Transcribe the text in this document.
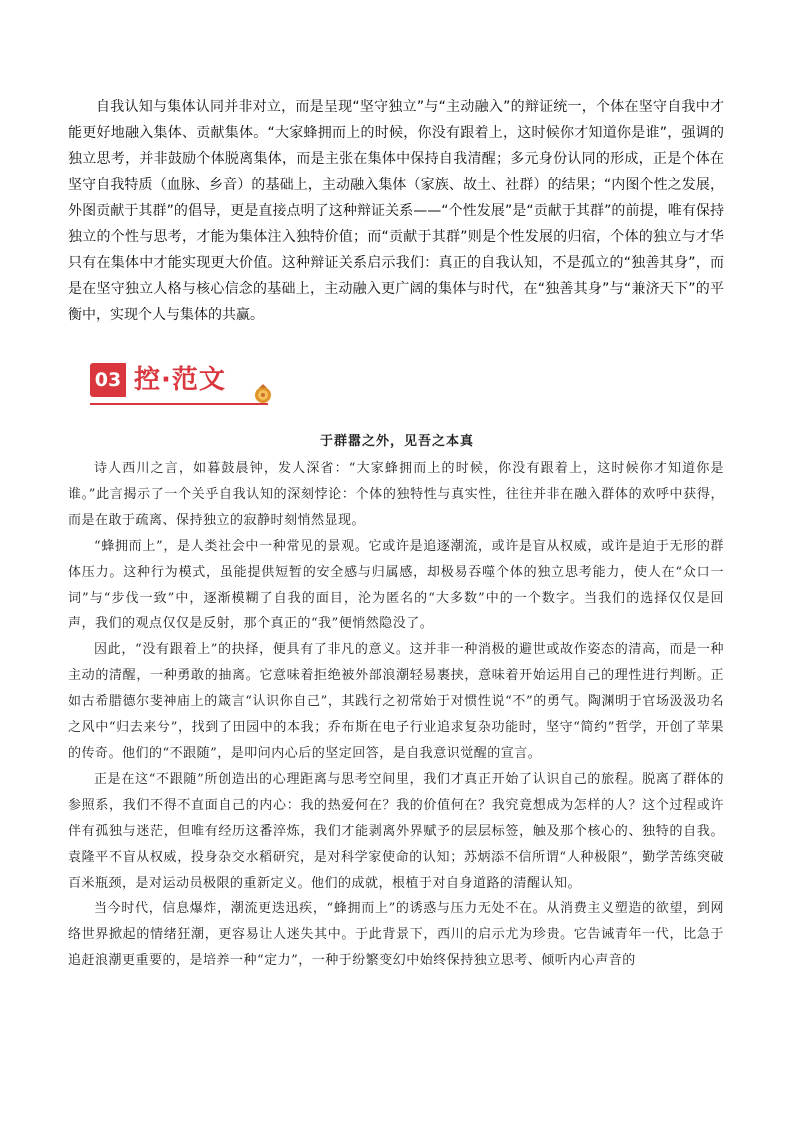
自我认知与集体认同并非对立，而是呈现“坚守独立”与“主动融入”的辩证统一，个体在坚守自我中才能更好地融入集体、贡献集体。“大家蜂拥而上的时候，你没有跟着上，这时候你才知道你是谁”，强调的独立思考，并非鼓励个体脱离集体，而是主张在集体中保持自我清醒；多元身份认同的形成，正是个体在坚守自我特质（血脉、乡音）的基础上，主动融入集体（家族、故土、社群）的结果；“内图个性之发展，外图贡献于其群”的倡导，更是直接点明了这种辩证关系——“个性发展”是“贡献于其群”的前提，唯有保持独立的个性与思考，才能为集体注入独特价值；而“贡献于其群”则是个性发展的归宿，个体的独立与才华只有在集体中才能实现更大价值。这种辩证关系启示我们：真正的自我认知，不是孤立的“独善其身”，而是在坚守独立人格与核心信念的基础上，主动融入更广阔的集体与时代，在“独善其身”与“兼济天下”的平衡中，实现个人与集体的共赢。

03 控·范文
于群嚣之外，见吾之本真

诗人西川之言，如暮鼓晨钟，发人深省：“大家蜂拥而上的时候，你没有跟着上，这时候你才知道你是谁。”此言揭示了一个关乎自我认知的深刻悖论：个体的独特性与真实性，往往并非在融入群体的欢呼中获得，而是在敢于疏离、保持独立的寂静时刻悄然显现。

“蜂拥而上”，是人类社会中一种常见的景观。它或许是追逐潮流，或许是盲从权威，或许是迫于无形的群体压力。这种行为模式，虽能提供短暂的安全感与归属感，却极易吞噬个体的独立思考能力，使人在“众口一词”与“步伐一致”中，逐渐模糊了自我的面目，沦为匿名的“大多数”中的一个数字。当我们的选择仅仅是回声，我们的观点仅仅是反射，那个真正的“我”便悄然隐没了。

因此，“没有跟着上”的抉择，便具有了非凡的意义。这并非一种消极的避世或故作姿态的清高，而是一种主动的清醒，一种勇敢的抽离。它意味着拒绝被外部浪潮轻易裹挟，意味着开始运用自己的理性进行判断。正如古希腊德尔斐神庙上的箴言“认识你自己”，其践行之初常始于对惯性说“不”的勇气。陶渊明于官场汲汲功名之风中“归去来兮”，找到了田园中的本我；乔布斯在电子行业追求复杂功能时，坚守“简约”哲学，开创了苹果的传奇。他们的“不跟随”，是叩问内心后的坚定回答，是自我意识觉醒的宣言。

正是在这“不跟随”所创造出的心理距离与思考空间里，我们才真正开始了认识自己的旅程。脱离了群体的参照系，我们不得不直面自己的内心：我的热爱何在？我的价值何在？我究竟想成为怎样的人？这个过程或许伴有孤独与迷茫，但唯有经历这番淬炼，我们才能剥离外界赋予的层层标签，触及那个核心的、独特的自我。袁隆平不盲从权威，投身杂交水稻研究，是对科学家使命的认知；苏炳添不信所谓“人种极限”，勤学苦练突破百米瓶颈，是对运动员极限的重新定义。他们的成就，根植于对自身道路的清醒认知。

当今时代，信息爆炸，潮流更迭迅疾，“蜂拥而上”的诱惑与压力无处不在。从消费主义塑造的欲望，到网络世界掀起的情绪狂潮，更容易让人迷失其中。于此背景下，西川的启示尤为珍贵。它告诫青年一代，比急于追赶浪潮更重要的，是培养一种“定力”，一种于纷繁变幻中始终保持独立思考、倾听内心声音的
